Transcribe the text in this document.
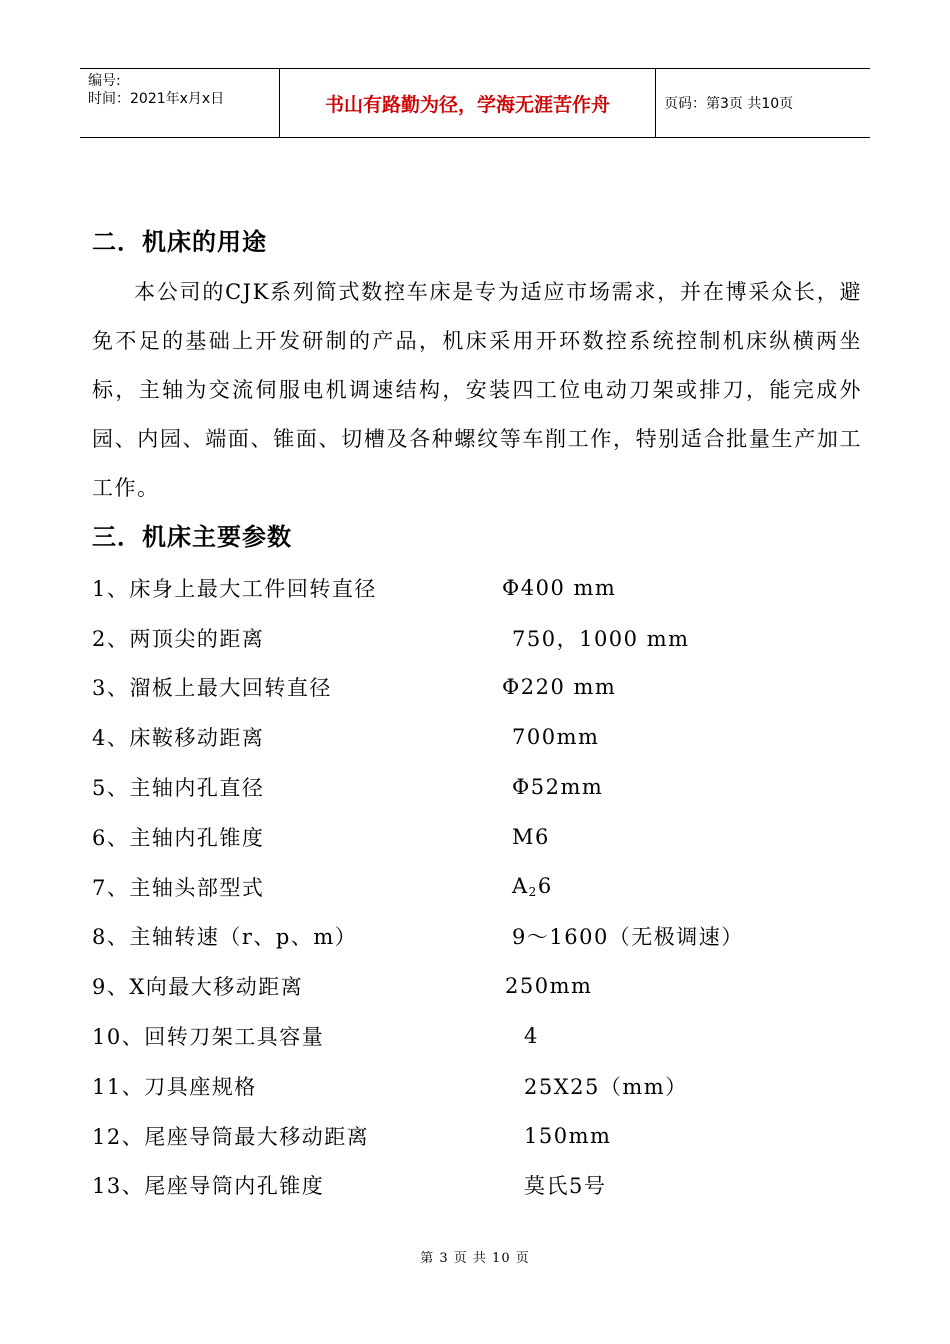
编号:
时间：2021年x月x日	书山有路勤为径，学海无涯苦作舟	页码：第3页 共10页
二．机床的用途

本公司的CJK系列简式数控车床是专为适应市场需求，并在博采众长，避免不足的基础上开发研制的产品，机床采用开环数控系统控制机床纵横两坐标，主轴为交流伺服电机调速结构，安装四工位电动刀架或排刀，能完成外园、内园、端面、锥面、切槽及各种螺纹等车削工作，特别适合批量生产加工工作。

三．机床主要参数
1、床身上最大工件回转直径	Φ400 mm
2、两顶尖的距离	750，1000 mm
3、溜板上最大回转直径	Φ220 mm
4、床鞍移动距离	700mm
5、主轴内孔直径	Φ52mm
6、主轴内孔锥度	M6
7、主轴头部型式	$A_26$
8、主轴转速（r、p、m）	9～1600（无极调速）
9、X向最大移动距离	250mm
10、回转刀架工具容量	4
11、刀具座规格	25X25（mm）
12、尾座导筒最大移动距离	150mm
13、尾座导筒内孔锥度	莫氏5号
第 3 页 共 10 页
